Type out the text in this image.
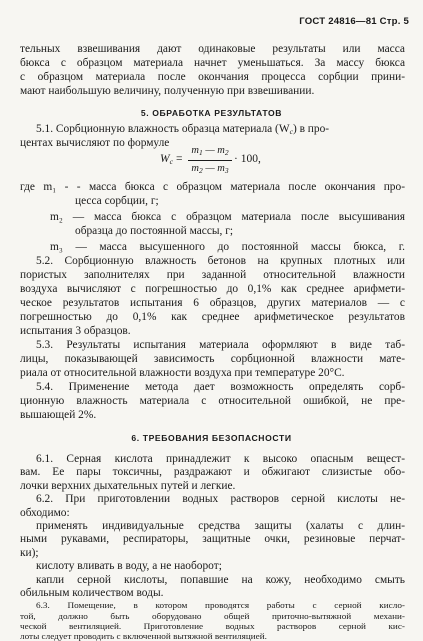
ГОСТ 24816—81 Стр. 5
тельных взвешивания дают одинаковые результаты или масса
бюкса с образцом материала начнет уменьшаться. За массу бюкса
с образцом материала после окончания процесса сорбции прини-
мают наибольшую величину, полученную при взвешивании.
5. ОБРАБОТКА РЕЗУЛЬТАТОВ
5.1. Сорбционную влажность образца материала $(W_c)$ в про-
центах вычисляют по формуле
$W_c$ =
$m_1$ — $m_2$
$m_2$ — $m_3$
· 100,
где m₁ - - масса бюкса с образцом материала после окончания про-
цесса сорбции, г;
m₂ — масса бюкса с образцом материала после высушивания
образца до постоянной массы, г;
m₃ — масса высушенного до постоянной массы бюкса, г.
5.2. Сорбционную влажность бетонов на крупных плотных или
пористых заполнителях при заданной относительной влажности
воздуха вычисляют с погрешностью до 0,1% как среднее арифмети-
ческое результатов испытания 6 образцов, других материалов — с
погрешностью до 0,1% как среднее арифметическое результатов
испытания 3 образцов.
5.3. Результаты испытания материала оформляют в виде таб-
лицы, показывающей зависимость сорбционной влажности мате-
риала от относительной влажности воздуха при температуре 20°С.
5.4. Применение метода дает возможность определять сорб-
ционную влажность материала с относительной ошибкой, не пре-
вышающей 2%.
6. ТРЕБОВАНИЯ БЕЗОПАСНОСТИ
6.1. Серная кислота принадлежит к высоко опасным вещест-
вам. Ее пары токсичны, раздражают и обжигают слизистые обо-
лочки верхних дыхательных путей и легкие.
6.2. При приготовлении водных растворов серной кислоты не-
обходимо:
применять индивидуальные средства защиты (халаты с длин-
ными рукавами, респираторы, защитные очки, резиновые перчат-
ки);
кислоту вливать в воду, а не наоборот;
капли серной кислоты, попавшие на кожу, необходимо смыть
обильным количеством воды.
6.3. Помещение, в котором проводятся работы с серной кисло-
той, должно быть оборудовано общей приточно-вытяжной механи-
ческой вентиляцией. Приготовление водных растворов серной кис-
лоты следует проводить с включенной вытяжной вентиляцией.
